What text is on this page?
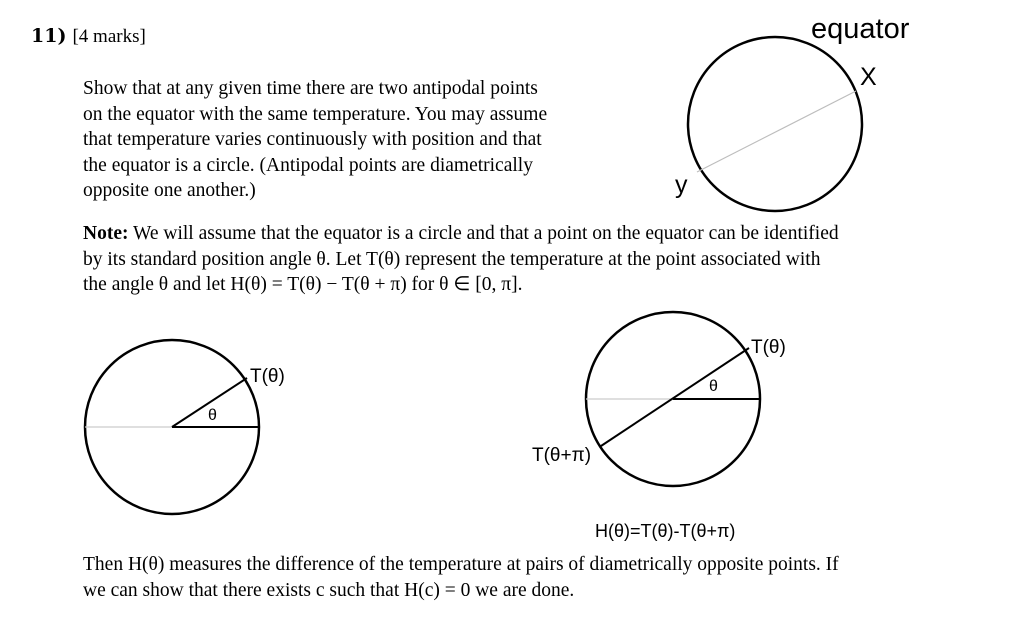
11) [4 marks]
Show that at any given time there are two antipodal points
on the equator with the same temperature. You may assume
that temperature varies continuously with position and that
the equator is a circle. (Antipodal points are diametrically
opposite one another.)
equator
X
y
Note: We will assume that the equator is a circle and that a point on the equator can be identified
by its standard position angle θ. Let T(θ) represent the temperature at the point associated with
the angle θ and let H(θ) = T(θ) − T(θ + π) for θ ∈ [0, π].
θ
T(θ)	θ
T(θ)
T(θ+π)
H(θ)=T(θ)-T(θ+π)
Then H(θ) measures the difference of the temperature at pairs of diametrically opposite points. If
we can show that there exists c such that H(c) = 0 we are done.
